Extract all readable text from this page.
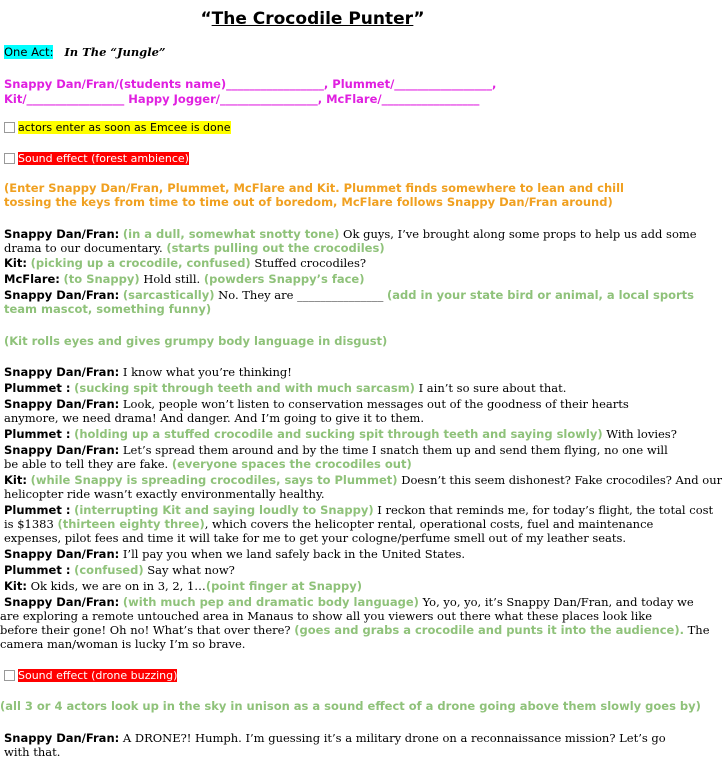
“The Crocodile Punter”
One Act: In The “Jungle”
Snappy Dan/Fran/(students name)_________________, Plummet/_________________,
Kit/_________________ Happy Jogger/_________________, McFlare/_________________
actors enter as soon as Emcee is done
Sound effect (forest ambience)
(Enter Snappy Dan/Fran, Plummet, McFlare and Kit. Plummet finds somewhere to lean and chill
tossing the keys from time to time out of boredom, McFlare follows Snappy Dan/Fran around)
Snappy Dan/Fran: (in a dull, somewhat snotty tone) Ok guys, I’ve brought along some props to help us add some
drama to our documentary. (starts pulling out the crocodiles)
Kit: (picking up a crocodile, confused) Stuffed crocodiles?
McFlare: (to Snappy) Hold still. (powders Snappy’s face)
Snappy Dan/Fran: (sarcastically) No. They are _______________ (add in your state bird or animal, a local sports
team mascot, something funny)
(Kit rolls eyes and gives grumpy body language in disgust)
Snappy Dan/Fran: I know what you’re thinking!
Plummet : (sucking spit through teeth and with much sarcasm) I ain’t so sure about that.
Snappy Dan/Fran: Look, people won’t listen to conservation messages out of the goodness of their hearts
anymore, we need drama! And danger. And I’m going to give it to them.
Plummet : (holding up a stuffed crocodile and sucking spit through teeth and saying slowly) With lovies?
Snappy Dan/Fran: Let’s spread them around and by the time I snatch them up and send them flying, no one will
be able to tell they are fake. (everyone spaces the crocodiles out)
Kit: (while Snappy is spreading crocodiles, says to Plummet) Doesn’t this seem dishonest? Fake crocodiles? And our
helicopter ride wasn’t exactly environmentally healthy.
Plummet : (interrupting Kit and saying loudly to Snappy) I reckon that reminds me, for today’s flight, the total cost
is $1383 (thirteen eighty three), which covers the helicopter rental, operational costs, fuel and maintenance
expenses, pilot fees and time it will take for me to get your cologne/perfume smell out of my leather seats.
Snappy Dan/Fran: I’ll pay you when we land safely back in the United States.
Plummet : (confused) Say what now?
Kit: Ok kids, we are on in 3, 2, 1…(point finger at Snappy)
Snappy Dan/Fran: (with much pep and dramatic body language) Yo, yo, yo, it’s Snappy Dan/Fran, and today we
are exploring a remote untouched area in Manaus to show all you viewers out there what these places look like
before their gone! Oh no! What’s that over there? (goes and grabs a crocodile and punts it into the audience). The
camera man/woman is lucky I’m so brave.
Sound effect (drone buzzing)
(all 3 or 4 actors look up in the sky in unison as a sound effect of a drone going above them slowly goes by)
Snappy Dan/Fran: A DRONE?! Humph. I’m guessing it’s a military drone on a reconnaissance mission? Let’s go
with that.
